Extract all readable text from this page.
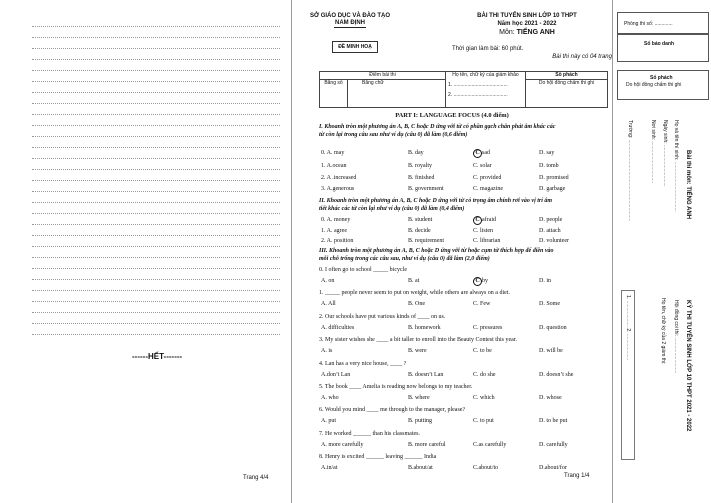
------HẾT-------
Trang 4/4
SỞ GIÁO DỤC VÀ ĐÀO TẠO
NAM ĐỊNH
ĐỀ MINH HOẠ
BÀI THI TUYỂN SINH LỚP 10 THPT
Năm học 2021 - 2022
Môn: TIẾNG ANH
Thời gian làm bài: 60 phút.
Bài thi này có 04 trang
Điểm bài thi		Họ tên, chữ ký của giám khảo
1. .......................................
2. .......................................	Số phách
Bằng số	Bằng chữ		Do hội đồng chấm thi ghi
PART I: LANGUAGE FOCUS (4.0 điểm)
I. Khoanh tròn một phương án A, B, C hoặc D ứng với từ có phần gạch chân phát âm khác các
từ còn lại trong câu sau như ví dụ (câu 0) đã làm (0,6 điểm)
0. A. may	B. day	C sad	D. say
1. A.ocean	B. royalty	C. solar	D. tomb
2. A .increased	B. finished	C. provided	D. promised
3. A.generous	B. government	C. magazine	D. garbage
II. Khoanh tròn một phương án A, B, C hoặc D ứng với từ có trọng âm chính rơi vào vị trí âm
tiết khác các từ còn lại như ví dụ (câu 0) đã làm (0,4 điểm)
0. A. money	B. student	C afraid	D. people
1. A. agree	B. decide	C. listen	D. attach
2. A. position	B. requirement	C. librarian	D. volunteer
III. Khoanh tròn một phương án A, B, C hoặc D ứng với từ hoặc cụm từ thích hợp để điền vào
mỗi chỗ trống trong các câu sau, như ví dụ (câu 0) đã làm (2,0 điểm)
0. I often go to school _____ bicycle
A. on	B. at	C by	D. in
1. _____ people never seem to put on weight, while others are always on a diet.
A. All	B. One	C. Few	D. Some
2. Our schools have put various kinds of ____ on us.
A. difficulties	B. homework	C. pressures	D. question
3. My sister wishes she ____ a bit taller to enroll into the Beauty Contest this year.
A. is	B. were	C. to be	D. will be
4. Lan has a very nice house, ____ ?
A.don’t Lan	B. doesn’t Lan	C. do she	D. doesn’t she
5. The book ____ Amelia is reading now belongs to my teacher.
A. who	B. where	C. which	D. whose
6. Would you mind ____ me through to the manager, please?
A. put	B. putting	C. to put	D. to be put
7. He worked ______ than his classmates.
A. more carefully	B. more careful	C.as carefully	D. carefully
8. Henry is excited ______ leaving ______ India
A.in/at	B.about/at	C.about/to	D.about/for
Trang 1/4
Phòng thi số: .............
Số báo danh
Số phách
Do hội đồng chấm thi ghi
Họ và tên thí sinh: ....................................
Ngày sinh: ..............................
Nơi sinh: ..............................
Trường: ...........................................................	Bài thi môn: TIẾNG ANH
1. ................... 2. ...................	Họ tên, chữ ký của 2 giám thị: Hội đồng coi thi: .......................... KỲ THI TUYỂN SINH LỚP 10 THPT 2021 - 2022
